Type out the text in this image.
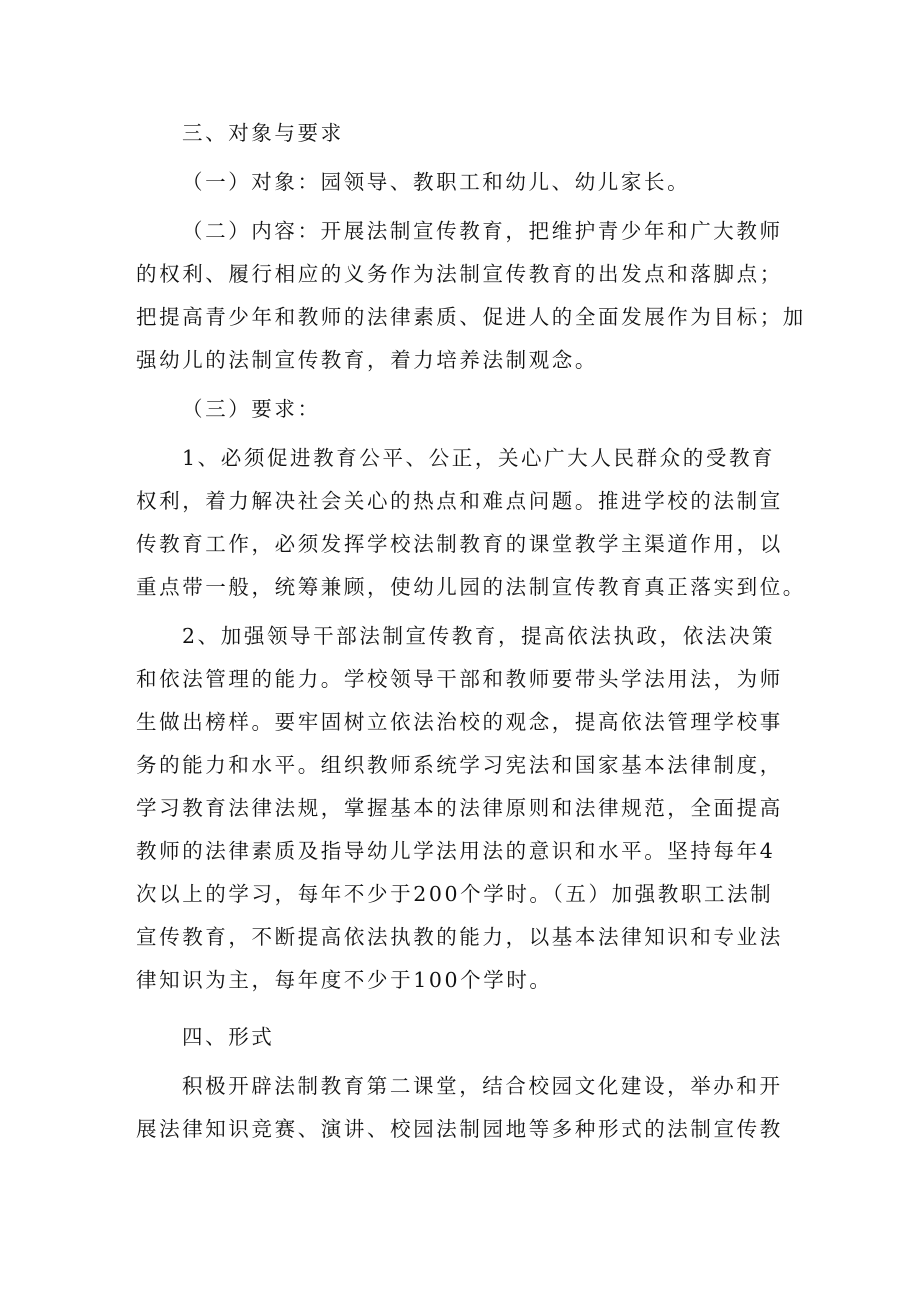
三、对象与要求

（一）对象：园领导、教职工和幼儿、幼儿家长。

（二）内容：开展法制宣传教育，把维护青少年和广大教师
的权利、履行相应的义务作为法制宣传教育的出发点和落脚点；
把提高青少年和教师的法律素质、促进人的全面发展作为目标；加
强幼儿的法制宣传教育，着力培养法制观念。

（三）要求：

1、必须促进教育公平、公正，关心广大人民群众的受教育
权利，着力解决社会关心的热点和难点问题。推进学校的法制宣
传教育工作，必须发挥学校法制教育的课堂教学主渠道作用，以
重点带一般，统筹兼顾，使幼儿园的法制宣传教育真正落实到位。

2、加强领导干部法制宣传教育，提高依法执政，依法决策
和依法管理的能力。学校领导干部和教师要带头学法用法，为师
生做出榜样。要牢固树立依法治校的观念，提高依法管理学校事
务的能力和水平。组织教师系统学习宪法和国家基本法律制度，
学习教育法律法规，掌握基本的法律原则和法律规范，全面提高
教师的法律素质及指导幼儿学法用法的意识和水平。坚持每年4
次以上的学习，每年不少于200个学时。（五）加强教职工法制
宣传教育，不断提高依法执教的能力，以基本法律知识和专业法
律知识为主，每年度不少于100个学时。

四、形式

积极开辟法制教育第二课堂，结合校园文化建设，举办和开
展法律知识竞赛、演讲、校园法制园地等多种形式的法制宣传教
